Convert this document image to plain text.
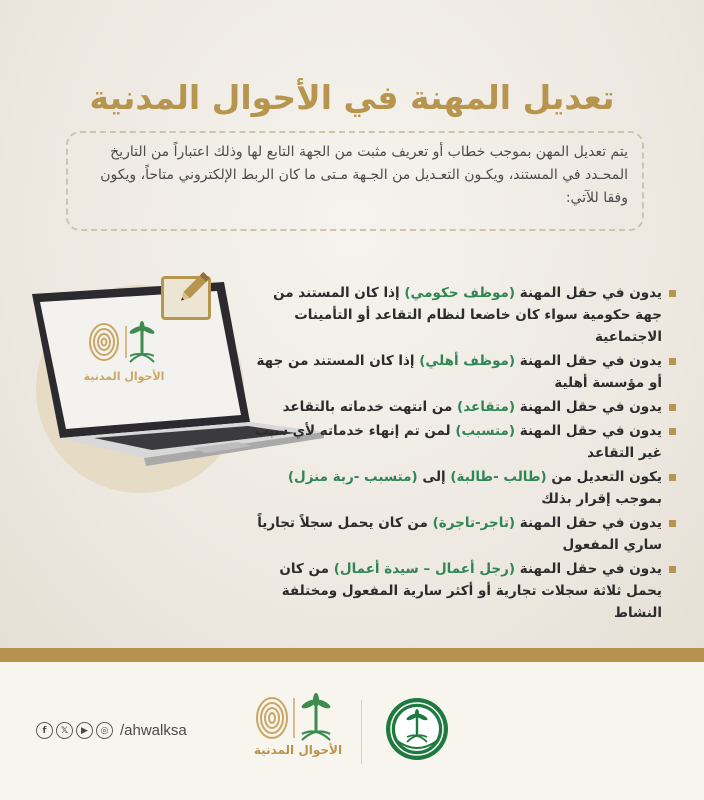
تعديل المهنة في الأحوال المدنية

يتم تعديل المهن بموجب خطاب أو تعريف مثبت من الجهة التابع لها وذلك اعتباراً من التاريخ المحـدد في المستند، ويكـون التعـديل من الجـهة مـتى ما كان الربط الإلكتروني متاحاً، ويكون وفقا للآتي:

الأحوال المدنية
يدون في حقل المهنة (موظف حكومي) إذا كان المستند من جهة حكومية سواء كان خاضعا لنظام التقاعد أو التأمينات الاجتماعية
يدون في حقل المهنة (موظف أهلي) إذا كان المستند من جهة أو مؤسسة أهلية
يدون في حقل المهنة (متقاعد) من انتهت خدماته بالتقاعد
يدون في حقل المهنة (متسبب) لمن تم إنهاء خدماته لأي سبب غير التقاعد
يكون التعديل من (طالب -طالبة) إلى (متسبب -ربة منزل) بموجب إقرار بذلك
يدون في حقل المهنة (تاجر-تاجرة) من كان يحمل سجلاً تجارياً ساري المفعول
يدون في حقل المهنة (رجل أعمال – سيدة أعمال) من كان يحمل ثلاثة سجلات تجارية أو أكثر سارية المفعول ومختلفة النشاط
f	𝕏	▶	◎ /ahwalksa
الأحوال المدنية
